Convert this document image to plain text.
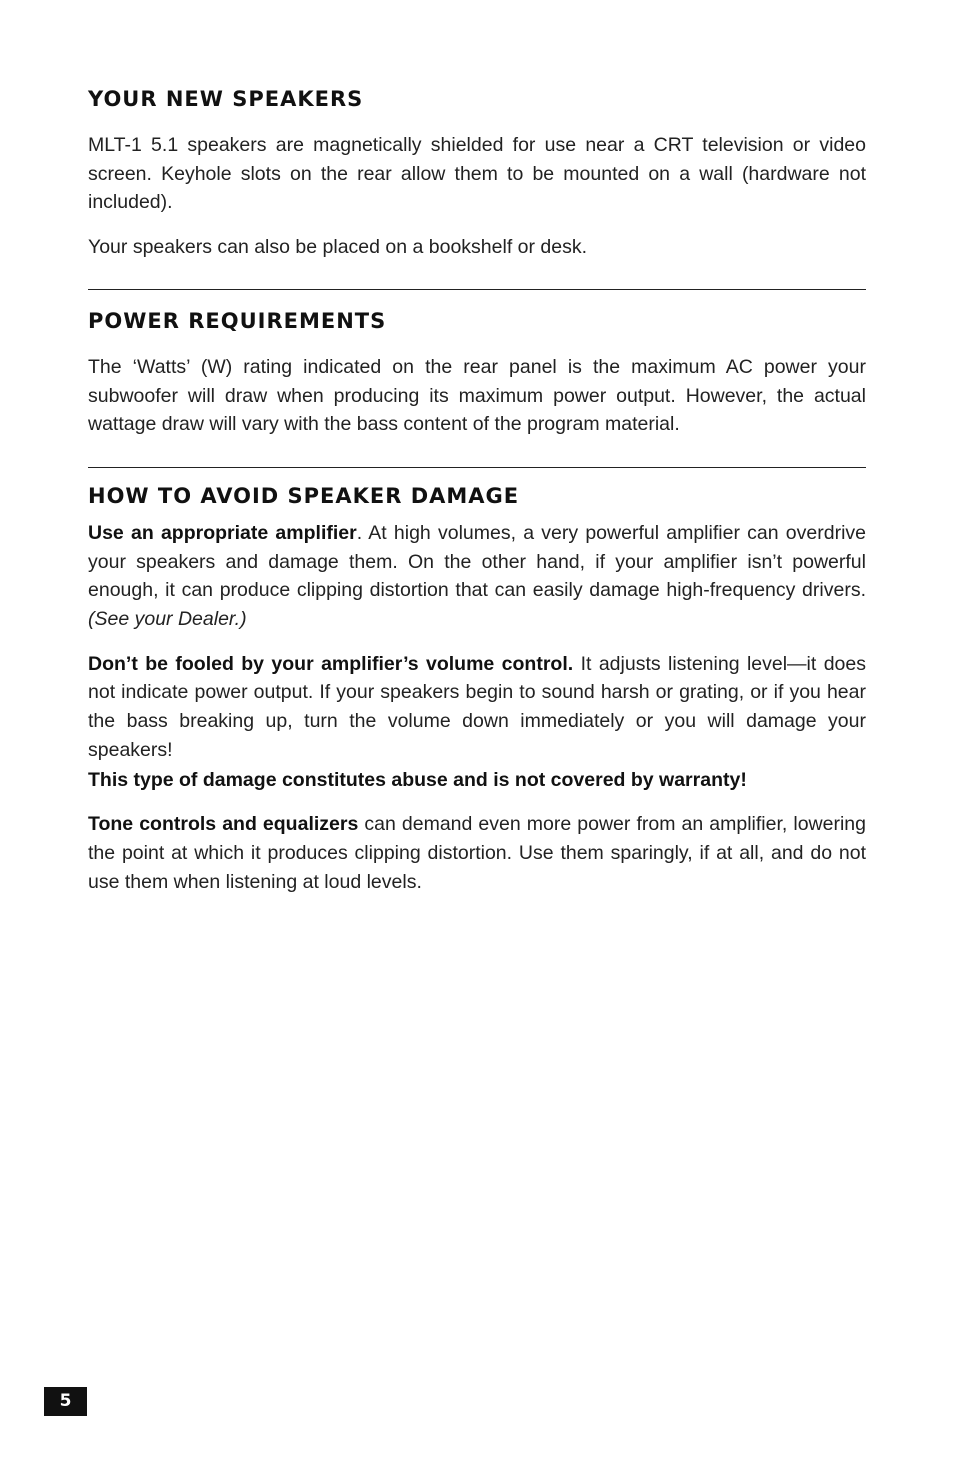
YOUR NEW SPEAKERS

MLT-1 5.1 speakers are magnetically shielded for use near a CRT television or video screen. Keyhole slots on the rear allow them to be mounted on a wall (hardware not included).

Your speakers can also be placed on a bookshelf or desk.

POWER REQUIREMENTS

The ‘Watts’ (W) rating indicated on the rear panel is the maximum AC power your subwoofer will draw when producing its maximum power output. However, the actual wattage draw will vary with the bass content of the program material.

HOW TO AVOID SPEAKER DAMAGE

Use an appropriate amplifier. At high volumes, a very powerful amplifier can overdrive your speakers and damage them. On the other hand, if your amplifier isn’t powerful enough, it can produce clipping distortion that can easily damage high-frequency drivers. (See your Dealer.)

Don’t be fooled by your amplifier’s volume control. It adjusts listening level—it does not indicate power output. If your speakers begin to sound harsh or grating, or if you hear the bass breaking up, turn the volume down immediately or you will damage your speakers!

This type of damage constitutes abuse and is not covered by warranty!

Tone controls and equalizers can demand even more power from an amplifier, lowering the point at which it produces clipping distortion. Use them sparingly, if at all, and do not use them when listening at loud levels.

5
